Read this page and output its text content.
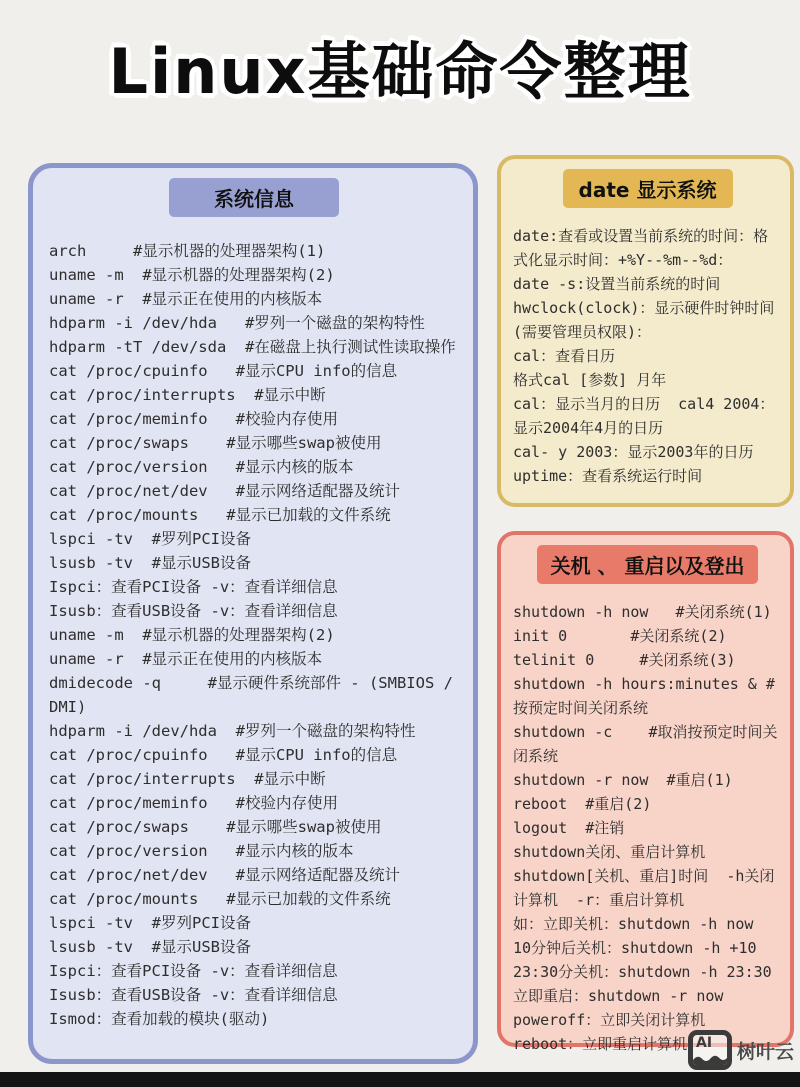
Linux基础命令整理
系统信息
arch     #显示机器的处理器架构(1)
uname -m  #显示机器的处理器架构(2)
uname -r  #显示正在使用的内核版本
hdparm -i /dev/hda   #罗列一个磁盘的架构特性
hdparm -tT /dev/sda  #在磁盘上执行测试性读取操作
cat /proc/cpuinfo   #显示CPU info的信息
cat /proc/interrupts  #显示中断
cat /proc/meminfo   #校验内存使用
cat /proc/swaps    #显示哪些swap被使用
cat /proc/version   #显示内核的版本
cat /proc/net/dev   #显示网络适配器及统计
cat /proc/mounts   #显示已加载的文件系统
lspci -tv  #罗列PCI设备
lsusb -tv  #显示USB设备
Ispci：查看PCI设备 -v：查看详细信息
Isusb：查看USB设备 -v：查看详细信息
uname -m  #显示机器的处理器架构(2)
uname -r  #显示正在使用的内核版本
dmidecode -q     #显示硬件系统部件 - (SMBIOS / DMI)
hdparm -i /dev/hda  #罗列一个磁盘的架构特性
cat /proc/cpuinfo   #显示CPU info的信息
cat /proc/interrupts  #显示中断
cat /proc/meminfo   #校验内存使用
cat /proc/swaps    #显示哪些swap被使用
cat /proc/version   #显示内核的版本
cat /proc/net/dev   #显示网络适配器及统计
cat /proc/mounts   #显示已加载的文件系统
lspci -tv  #罗列PCI设备
lsusb -tv  #显示USB设备
Ispci：查看PCI设备 -v：查看详细信息
Isusb：查看USB设备 -v：查看详细信息
Ismod：查看加载的模块(驱动)
date 显示系统
date:查看或设置当前系统的时间：格式化显示时间：+%Y--%m--%d：
date -s:设置当前系统的时间
hwclock(clock)：显示硬件时钟时间(需要管理员权限)：
cal：查看日历
格式cal [参数] 月年
cal：显示当月的日历  cal4 2004：显示2004年4月的日历
cal- y 2003：显示2003年的日历
uptime：查看系统运行时间
关机 、 重启以及登出
shutdown -h now   #关闭系统(1)
init 0       #关闭系统(2)
telinit 0     #关闭系统(3)
shutdown -h hours:minutes & #按预定时间关闭系统
shutdown -c    #取消按预定时间关闭系统
shutdown -r now  #重启(1)
reboot  #重启(2)
logout  #注销
shutdown关闭、重启计算机
shutdown[关机、重启]时间  -h关闭计算机  -r：重启计算机
如：立即关机：shutdown -h now
10分钟后关机：shutdown -h +10
23:30分关机：shutdown -h 23:30
立即重启：shutdown -r now
poweroff：立即关闭计算机
reboot：立即重启计算机 AI 树叶云
